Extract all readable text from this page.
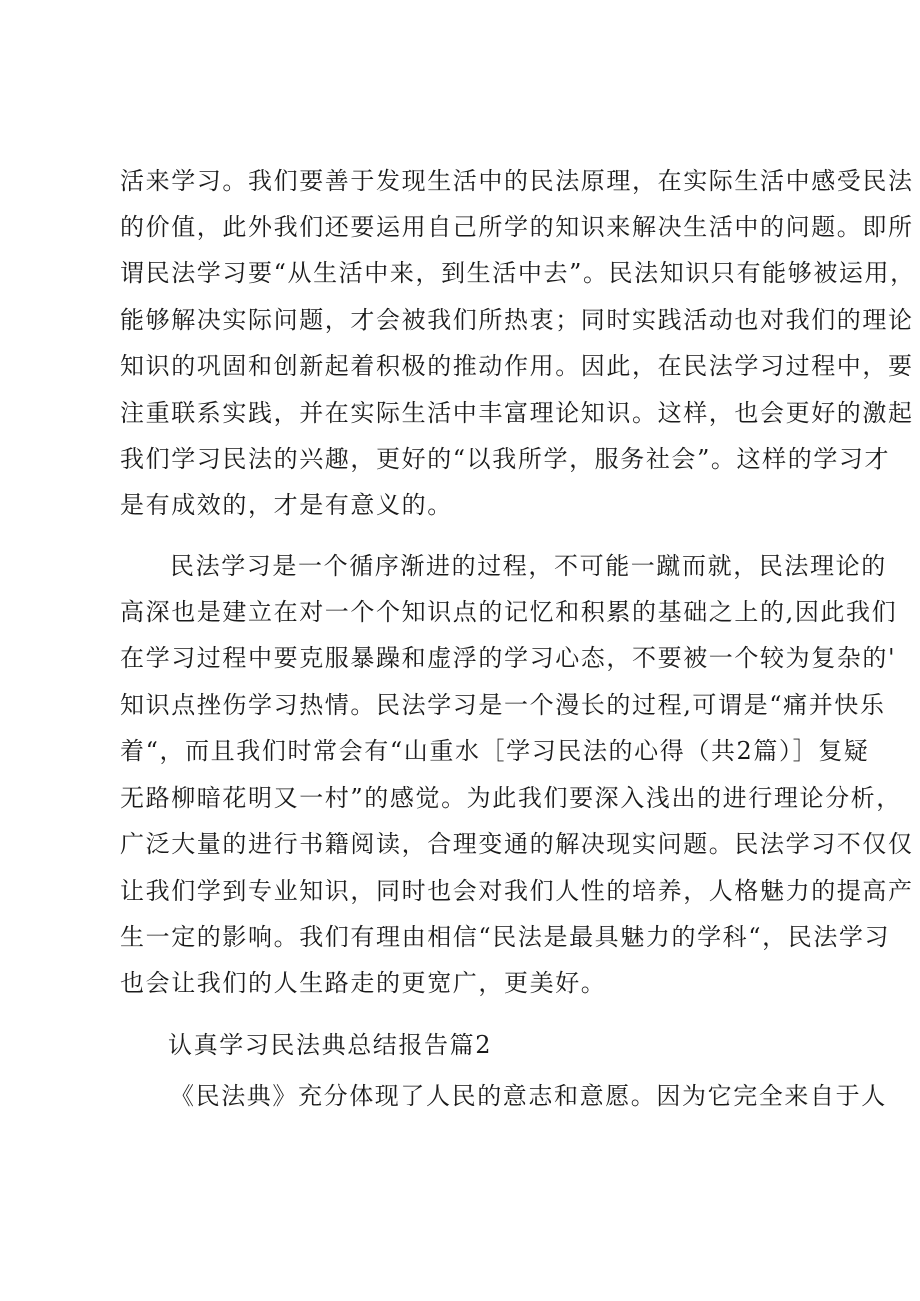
活来学习。我们要善于发现生活中的民法原理，在实际生活中感受民法

的价值，此外我们还要运用自己所学的知识来解决生活中的问题。即所

谓民法学习要“从生活中来，到生活中去”。民法知识只有能够被运用，

能够解决实际问题，才会被我们所热衷；同时实践活动也对我们的理论

知识的巩固和创新起着积极的推动作用。因此，在民法学习过程中，要

注重联系实践，并在实际生活中丰富理论知识。这样，也会更好的激起

我们学习民法的兴趣，更好的“以我所学，服务社会”。这样的学习才

是有成效的，才是有意义的。

民法学习是一个循序渐进的过程，不可能一蹴而就，民法理论的

高深也是建立在对一个个知识点的记忆和积累的基础之上的,因此我们

在学习过程中要克服暴躁和虚浮的学习心态，不要被一个较为复杂的'

知识点挫伤学习热情。民法学习是一个漫长的过程,可谓是“痛并快乐

着“，而且我们时常会有“山重水［学习民法的心得（共2篇）］复疑

无路柳暗花明又一村”的感觉。为此我们要深入浅出的进行理论分析，

广泛大量的进行书籍阅读，合理变通的解决现实问题。民法学习不仅仅

让我们学到专业知识，同时也会对我们人性的培养，人格魅力的提高产

生一定的影响。我们有理由相信“民法是最具魅力的学科“，民法学习

也会让我们的人生路走的更宽广，更美好。

认真学习民法典总结报告篇2

《民法典》充分体现了人民的意志和意愿。因为它完全来自于人
